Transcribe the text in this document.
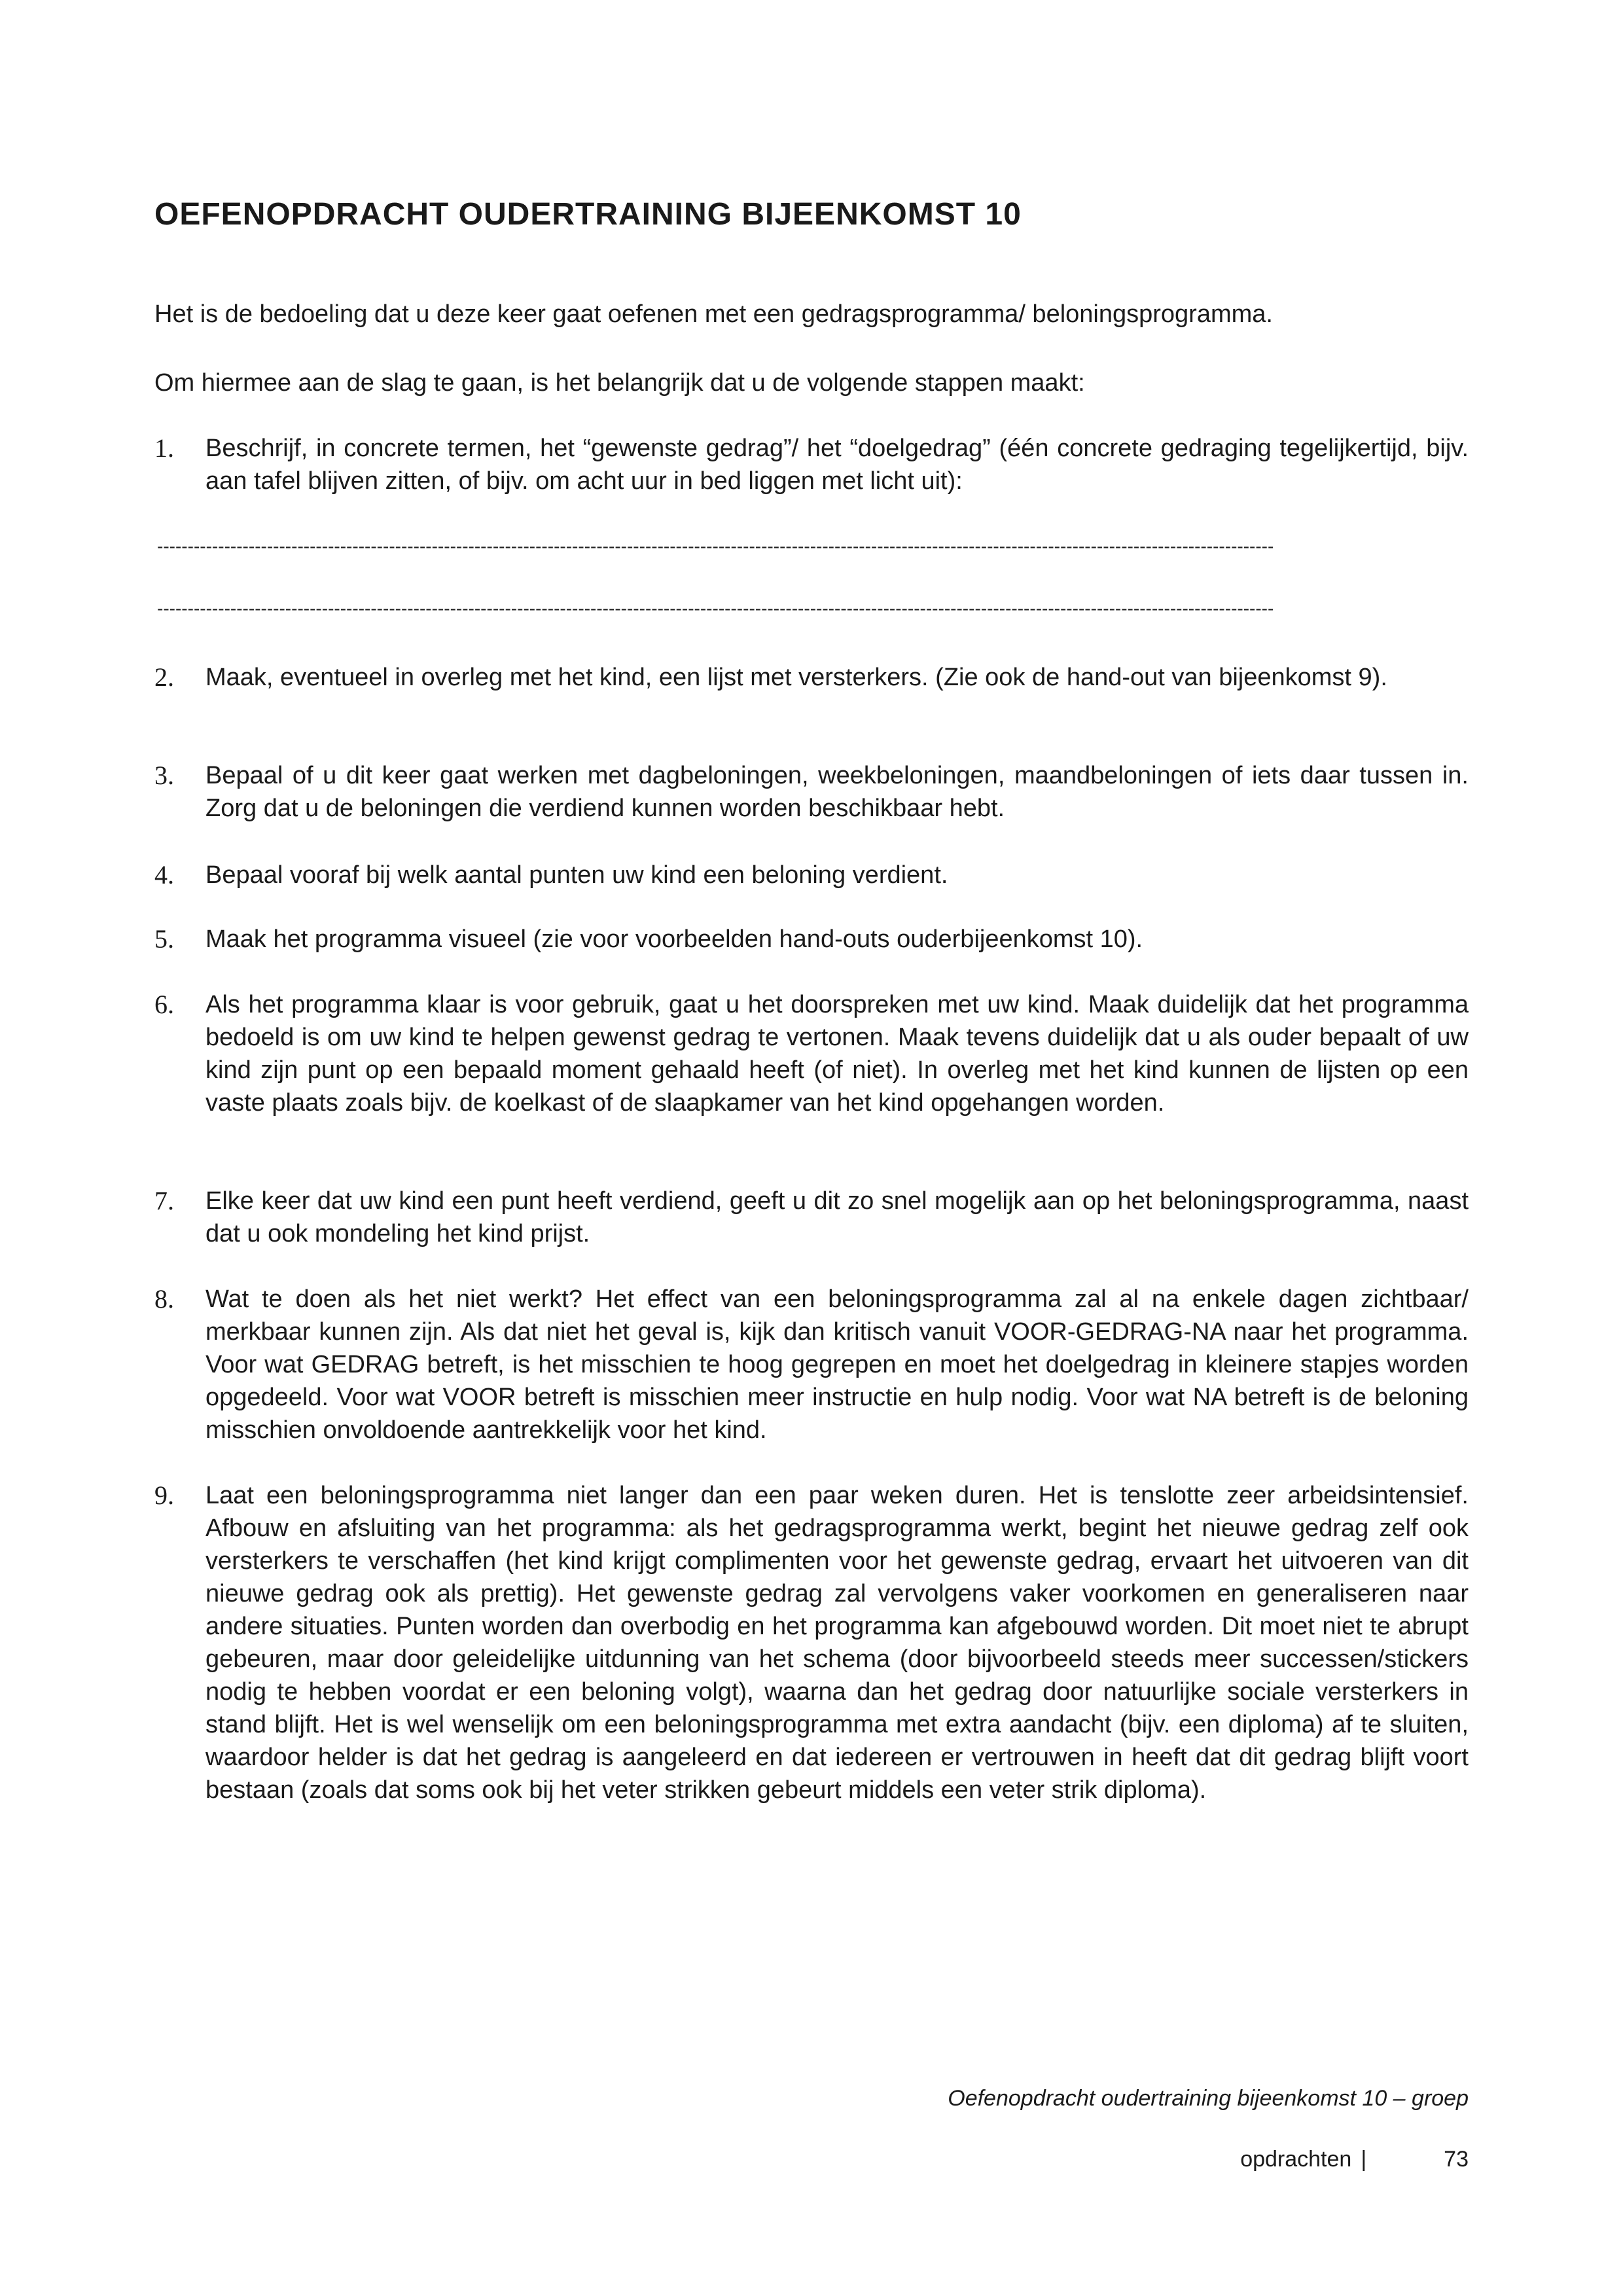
OEFENOPDRACHT OUDERTRAINING BIJEENKOMST 10

Het is de bedoeling dat u deze keer gaat oefenen met een gedragsprogramma/ beloningsprogramma.

Om hiermee aan de slag te gaan, is het belangrijk dat u de volgende stappen maakt:

1. Beschrijf, in concrete termen, het “gewenste gedrag”/ het “doelgedrag” (één concrete gedraging tegelijkertijd, bijv. aan tafel blijven zitten, of bijv. om acht uur in bed liggen met licht uit):
---------------------------------------------------------------------------------------------------------------------------------------------------------------------------------------
---------------------------------------------------------------------------------------------------------------------------------------------------------------------------------------
2. Maak, eventueel in overleg met het kind, een lijst met versterkers. (Zie ook de hand-out van bijeenkomst 9).
3. Bepaal of u dit keer gaat werken met dagbeloningen, weekbeloningen, maandbeloningen of iets daar tussen in. Zorg dat u de beloningen die verdiend kunnen worden beschikbaar hebt.
4. Bepaal vooraf bij welk aantal punten uw kind een beloning verdient.
5. Maak het programma visueel (zie voor voorbeelden hand-outs ouderbijeenkomst 10).
6. Als het programma klaar is voor gebruik, gaat u het doorspreken met uw kind. Maak duidelijk dat het programma bedoeld is om uw kind te helpen gewenst gedrag te vertonen. Maak tevens duidelijk dat u als ouder bepaalt of uw kind zijn punt op een bepaald moment gehaald heeft (of niet). In overleg met het kind kunnen de lijsten op een vaste plaats zoals bijv. de koelkast of de slaapkamer van het kind opgehangen worden.
7. Elke keer dat uw kind een punt heeft verdiend, geeft u dit zo snel mogelijk aan op het beloningsprogramma, naast dat u ook mondeling het kind prijst.
8. Wat te doen als het niet werkt? Het effect van een beloningsprogramma zal al na enkele dagen zichtbaar/ merkbaar kunnen zijn. Als dat niet het geval is, kijk dan kritisch vanuit VOOR-GEDRAG-NA naar het programma. Voor wat GEDRAG betreft, is het misschien te hoog gegrepen en moet het doelgedrag in kleinere stapjes worden opgedeeld. Voor wat VOOR betreft is misschien meer instructie en hulp nodig. Voor wat NA betreft is de beloning misschien onvoldoende aantrekkelijk voor het kind.
9. Laat een beloningsprogramma niet langer dan een paar weken duren. Het is tenslotte zeer arbeidsintensief. Afbouw en afsluiting van het programma: als het gedragsprogramma werkt, begint het nieuwe gedrag zelf ook versterkers te verschaffen (het kind krijgt complimenten voor het gewenste gedrag, ervaart het uitvoeren van dit nieuwe gedrag ook als prettig). Het gewenste gedrag zal vervolgens vaker voorkomen en generaliseren naar andere situaties. Punten worden dan overbodig en het programma kan afgebouwd worden. Dit moet niet te abrupt gebeuren, maar door geleidelijke uitdunning van het schema (door bijvoorbeeld steeds meer successen/stickers nodig te hebben voordat er een beloning volgt), waarna dan het gedrag door natuurlijke sociale versterkers in stand blijft. Het is wel wenselijk om een beloningsprogramma met extra aandacht (bijv. een diploma) af te sluiten, waardoor helder is dat het gedrag is aangeleerd en dat iedereen er vertrouwen in heeft dat dit gedrag blijft voort bestaan (zoals dat soms ook bij het veter strikken gebeurt middels een veter strik diploma).

Oefenopdracht oudertraining bijeenkomst 10 – groep

opdrachten |	73
